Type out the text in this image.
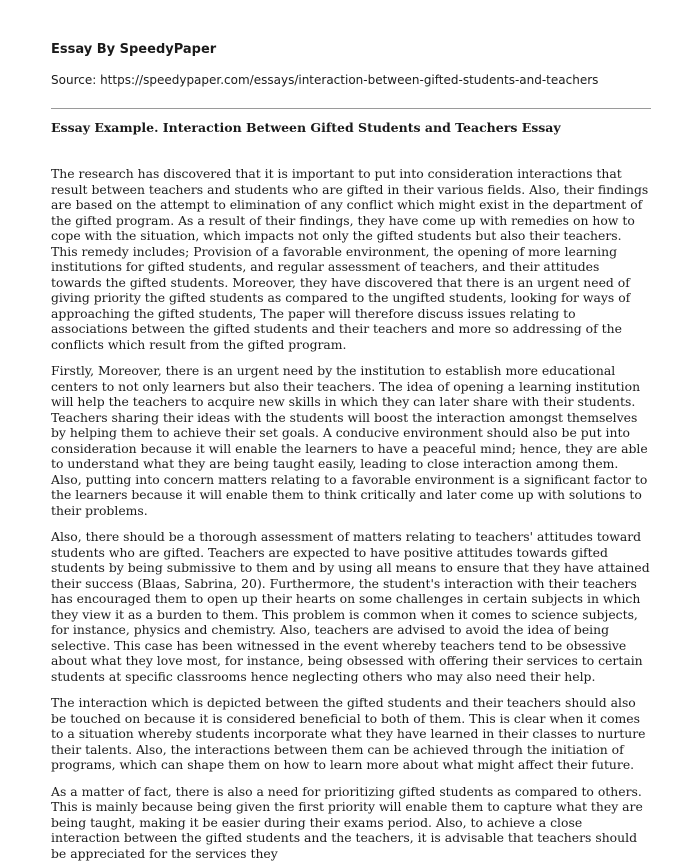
Essay By SpeedyPaper

Source: https://speedypaper.com/essays/interaction-between-gifted-students-and-teachers

Essay Example. Interaction Between Gifted Students and Teachers Essay

The research has discovered that it is important to put into consideration interactions that result between teachers and students who are gifted in their various fields. Also, their findings are based on the attempt to elimination of any conflict which might exist in the department of the gifted program. As a result of their findings, they have come up with remedies on how to cope with the situation, which impacts not only the gifted students but also their teachers. This remedy includes; Provision of a favorable environment, the opening of more learning institutions for gifted students, and regular assessment of teachers, and their attitudes towards the gifted students. Moreover, they have discovered that there is an urgent need of giving priority the gifted students as compared to the ungifted students, looking for ways of approaching the gifted students, The paper will therefore discuss issues relating to associations between the gifted students and their teachers and more so addressing of the conflicts which result from the gifted program.

Firstly, Moreover, there is an urgent need by the institution to establish more educational centers to not only learners but also their teachers. The idea of opening a learning institution will help the teachers to acquire new skills in which they can later share with their students. Teachers sharing their ideas with the students will boost the interaction amongst themselves by helping them to achieve their set goals. A conducive environment should also be put into consideration because it will enable the learners to have a peaceful mind; hence, they are able to understand what they are being taught easily, leading to close interaction among them. Also, putting into concern matters relating to a favorable environment is a significant factor to the learners because it will enable them to think critically and later come up with solutions to their problems.

Also, there should be a thorough assessment of matters relating to teachers' attitudes toward students who are gifted. Teachers are expected to have positive attitudes towards gifted students by being submissive to them and by using all means to ensure that they have attained their success (Blaas, Sabrina, 20). Furthermore, the student's interaction with their teachers has encouraged them to open up their hearts on some challenges in certain subjects in which they view it as a burden to them. This problem is common when it comes to science subjects, for instance, physics and chemistry. Also, teachers are advised to avoid the idea of being selective. This case has been witnessed in the event whereby teachers tend to be obsessive about what they love most, for instance, being obsessed with offering their services to certain students at specific classrooms hence neglecting others who may also need their help.

The interaction which is depicted between the gifted students and their teachers should also be touched on because it is considered beneficial to both of them. This is clear when it comes to a situation whereby students incorporate what they have learned in their classes to nurture their talents. Also, the interactions between them can be achieved through the initiation of programs, which can shape them on how to learn more about what might affect their future.

As a matter of fact, there is also a need for prioritizing gifted students as compared to others. This is mainly because being given the first priority will enable them to capture what they are being taught, making it be easier during their exams period. Also, to achieve a close interaction between the gifted students and the teachers, it is advisable that teachers should be appreciated for the services they
